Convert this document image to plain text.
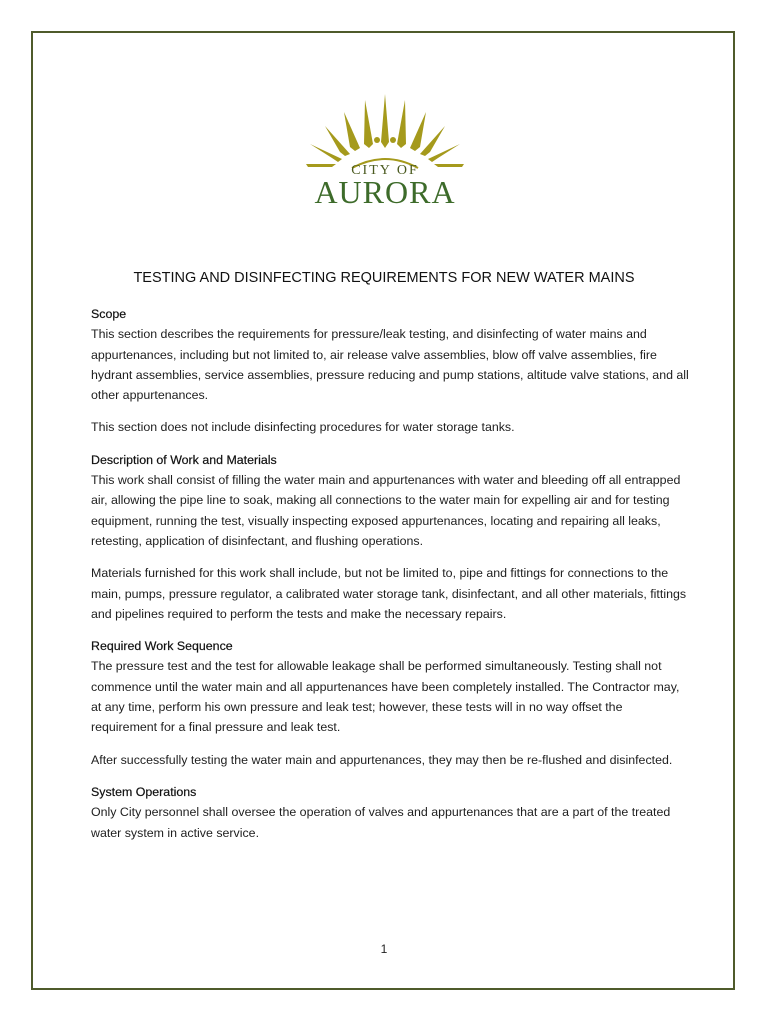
CITY OF
AURORA
TESTING AND DISINFECTING REQUIREMENTS FOR NEW WATER MAINS
Scope

This section describes the requirements for pressure/leak testing, and disinfecting of water mains and appurtenances, including but not limited to, air release valve assemblies, blow off valve assemblies, fire hydrant assemblies, service assemblies, pressure reducing and pump stations, altitude valve stations, and all other appurtenances.

This section does not include disinfecting procedures for water storage tanks.

Description of Work and Materials

This work shall consist of filling the water main and appurtenances with water and bleeding off all entrapped air, allowing the pipe line to soak, making all connections to the water main for expelling air and for testing equipment, running the test, visually inspecting exposed appurtenances, locating and repairing all leaks, retesting, application of disinfectant, and flushing operations.

Materials furnished for this work shall include, but not be limited to, pipe and fittings for connections to the main, pumps, pressure regulator, a calibrated water storage tank, disinfectant, and all other materials, fittings and pipelines required to perform the tests and make the necessary repairs.

Required Work Sequence

The pressure test and the test for allowable leakage shall be performed simultaneously. Testing shall not commence until the water main and all appurtenances have been completely installed. The Contractor may, at any time, perform his own pressure and leak test; however, these tests will in no way offset the requirement for a final pressure and leak test.

After successfully testing the water main and appurtenances, they may then be re-flushed and disinfected.

System Operations

Only City personnel shall oversee the operation of valves and appurtenances that are a part of the treated water system in active service.

1
